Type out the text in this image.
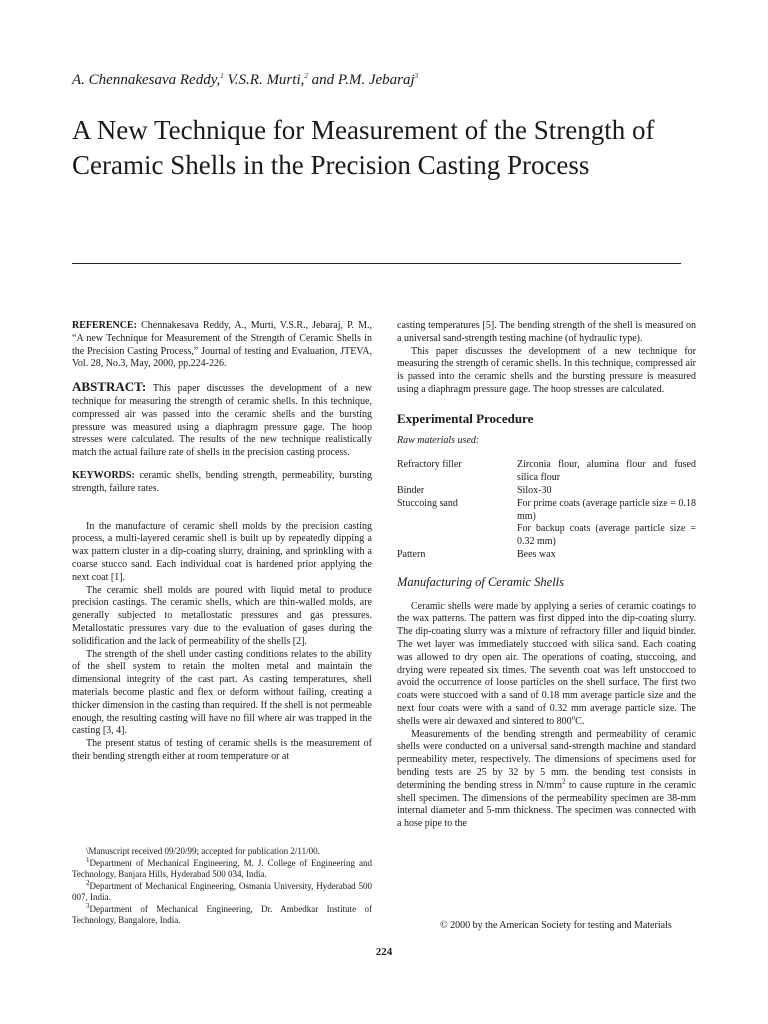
A. Chennakesava Reddy,$^1$ V.S.R. Murti,$^2$ and P.M. Jebaraj$^3$
A New Technique for Measurement of the Strength of Ceramic Shells in the Precision Casting Process

REFERENCE: Chennakesava Reddy, A., Murti, V.S.R., Jebaraj, P. M., “A new Technique for Measurement of the Strength of Ceramic Shells in the Precision Casting Process,” Journal of testing and Evaluation, JTEVA, Vol. 28, No.3, May, 2000, pp.224-226.

ABSTRACT: This paper discusses the development of a new technique for measuring the strength of ceramic shells. In this technique, compressed air was passed into the ceramic shells and the bursting pressure was measured using a diaphragm pressure gage. The hoop stresses were calculated. The results of the new technique realistically match the actual failure rate of shells in the precision casting process.

KEYWORDS: ceramic shells, bending strength, permeability, bursting strength, failure rates.

In the manufacture of ceramic shell molds by the precision casting process, a multi-layered ceramic shell is built up by repeatedly dipping a wax pattern cluster in a dip-coating slurry, draining, and sprinkling with a coarse stucco sand. Each individual coat is hardened prior applying the next coat [1].

The ceramic shell molds are poured with liquid metal to produce precision castings. The ceramic shells, which are thin-walled molds, are generally subjected to metallostatic pressures and gas pressures. Metallostatic pressures vary due to the evaluation of gases during the solidification and the lack of permeability of the shells [2].

The strength of the shell under casting conditions relates to the ability of the shell system to retain the molten metal and maintain the dimensional integrity of the cast part. As casting temperatures, shell materials become plastic and flex or deform without failing, creating a thicker dimension in the casting than required. If the shell is not permeable enough, the resulting casting will have no fill where air was trapped in the casting [3, 4].

The present status of testing of ceramic shells is the measurement of their bending strength either at room temperature or at

\Manuscript received 09/20/99; accepted for publication 2/11/00.

$^1$Department of Mechanical Engineering, M. J. College of Engineering and Technology, Banjara Hills, Hyderabad 500 034, India.

$^2$Department of Mechanical Engineering, Osmania University, Hyderabad 500 007, India.

$^3$Department of Mechanical Engineering, Dr. Ambedkar Institute of Technology, Bangalore, India.

casting temperatures [5]. The bending strength of the shell is measured on a universal sand-strength testing machine (of hydraulic type).

This paper discusses the development of a new technique for measuring the strength of ceramic shells. In this technique, compressed air is passed into the ceramic shells and the bursting pressure is measured using a diaphragm pressure gage. The hoop stresses are calculated.

Experimental Procedure

Raw materials used:

Refractory filler	Zirconia flour, alumina flour and fused silica flour
Binder	Silox-30
Stuccoing sand	For prime coats (average particle size = 0.18 mm)
	For backup coats (average particle size = 0.32 mm)
Pattern	Bees wax

Manufacturing of Ceramic Shells

Ceramic shells were made by applying a series of ceramic coatings to the wax patterns. The pattern was first dipped into the dip-coating slurry. The dip-coating slurry was a mixture of refractory filler and liquid binder. The wet layer was immediately stuccoed with silica sand. Each coating was allowed to dry open air. The operations of coating, stuccoing, and drying were repeated six times. The seventh coat was left unstoccoed to avoid the occurrence of loose particles on the shell surface. The first two coats were stuccoed with a sand of 0.18 mm average particle size and the next four coats were with a sand of 0.32 mm average particle size. The shells were air dewaxed and sintered to 800$^o$C.

Measurements of the bending strength and permeability of ceramic shells were conducted on a universal sand-strength machine and standard permeability meter, respectively. The dimensions of specimens used for bending tests are 25 by 32 by 5 mm. the bending test consists in determining the bending stress in $N/mm^2$ to cause rupture in the ceramic shell specimen. The dimensions of the permeability specimen are 38-mm internal diameter and 5-mm thickness. The specimen was connected with a hose pipe to the

© 2000 by the American Society for testing and Materials
224
